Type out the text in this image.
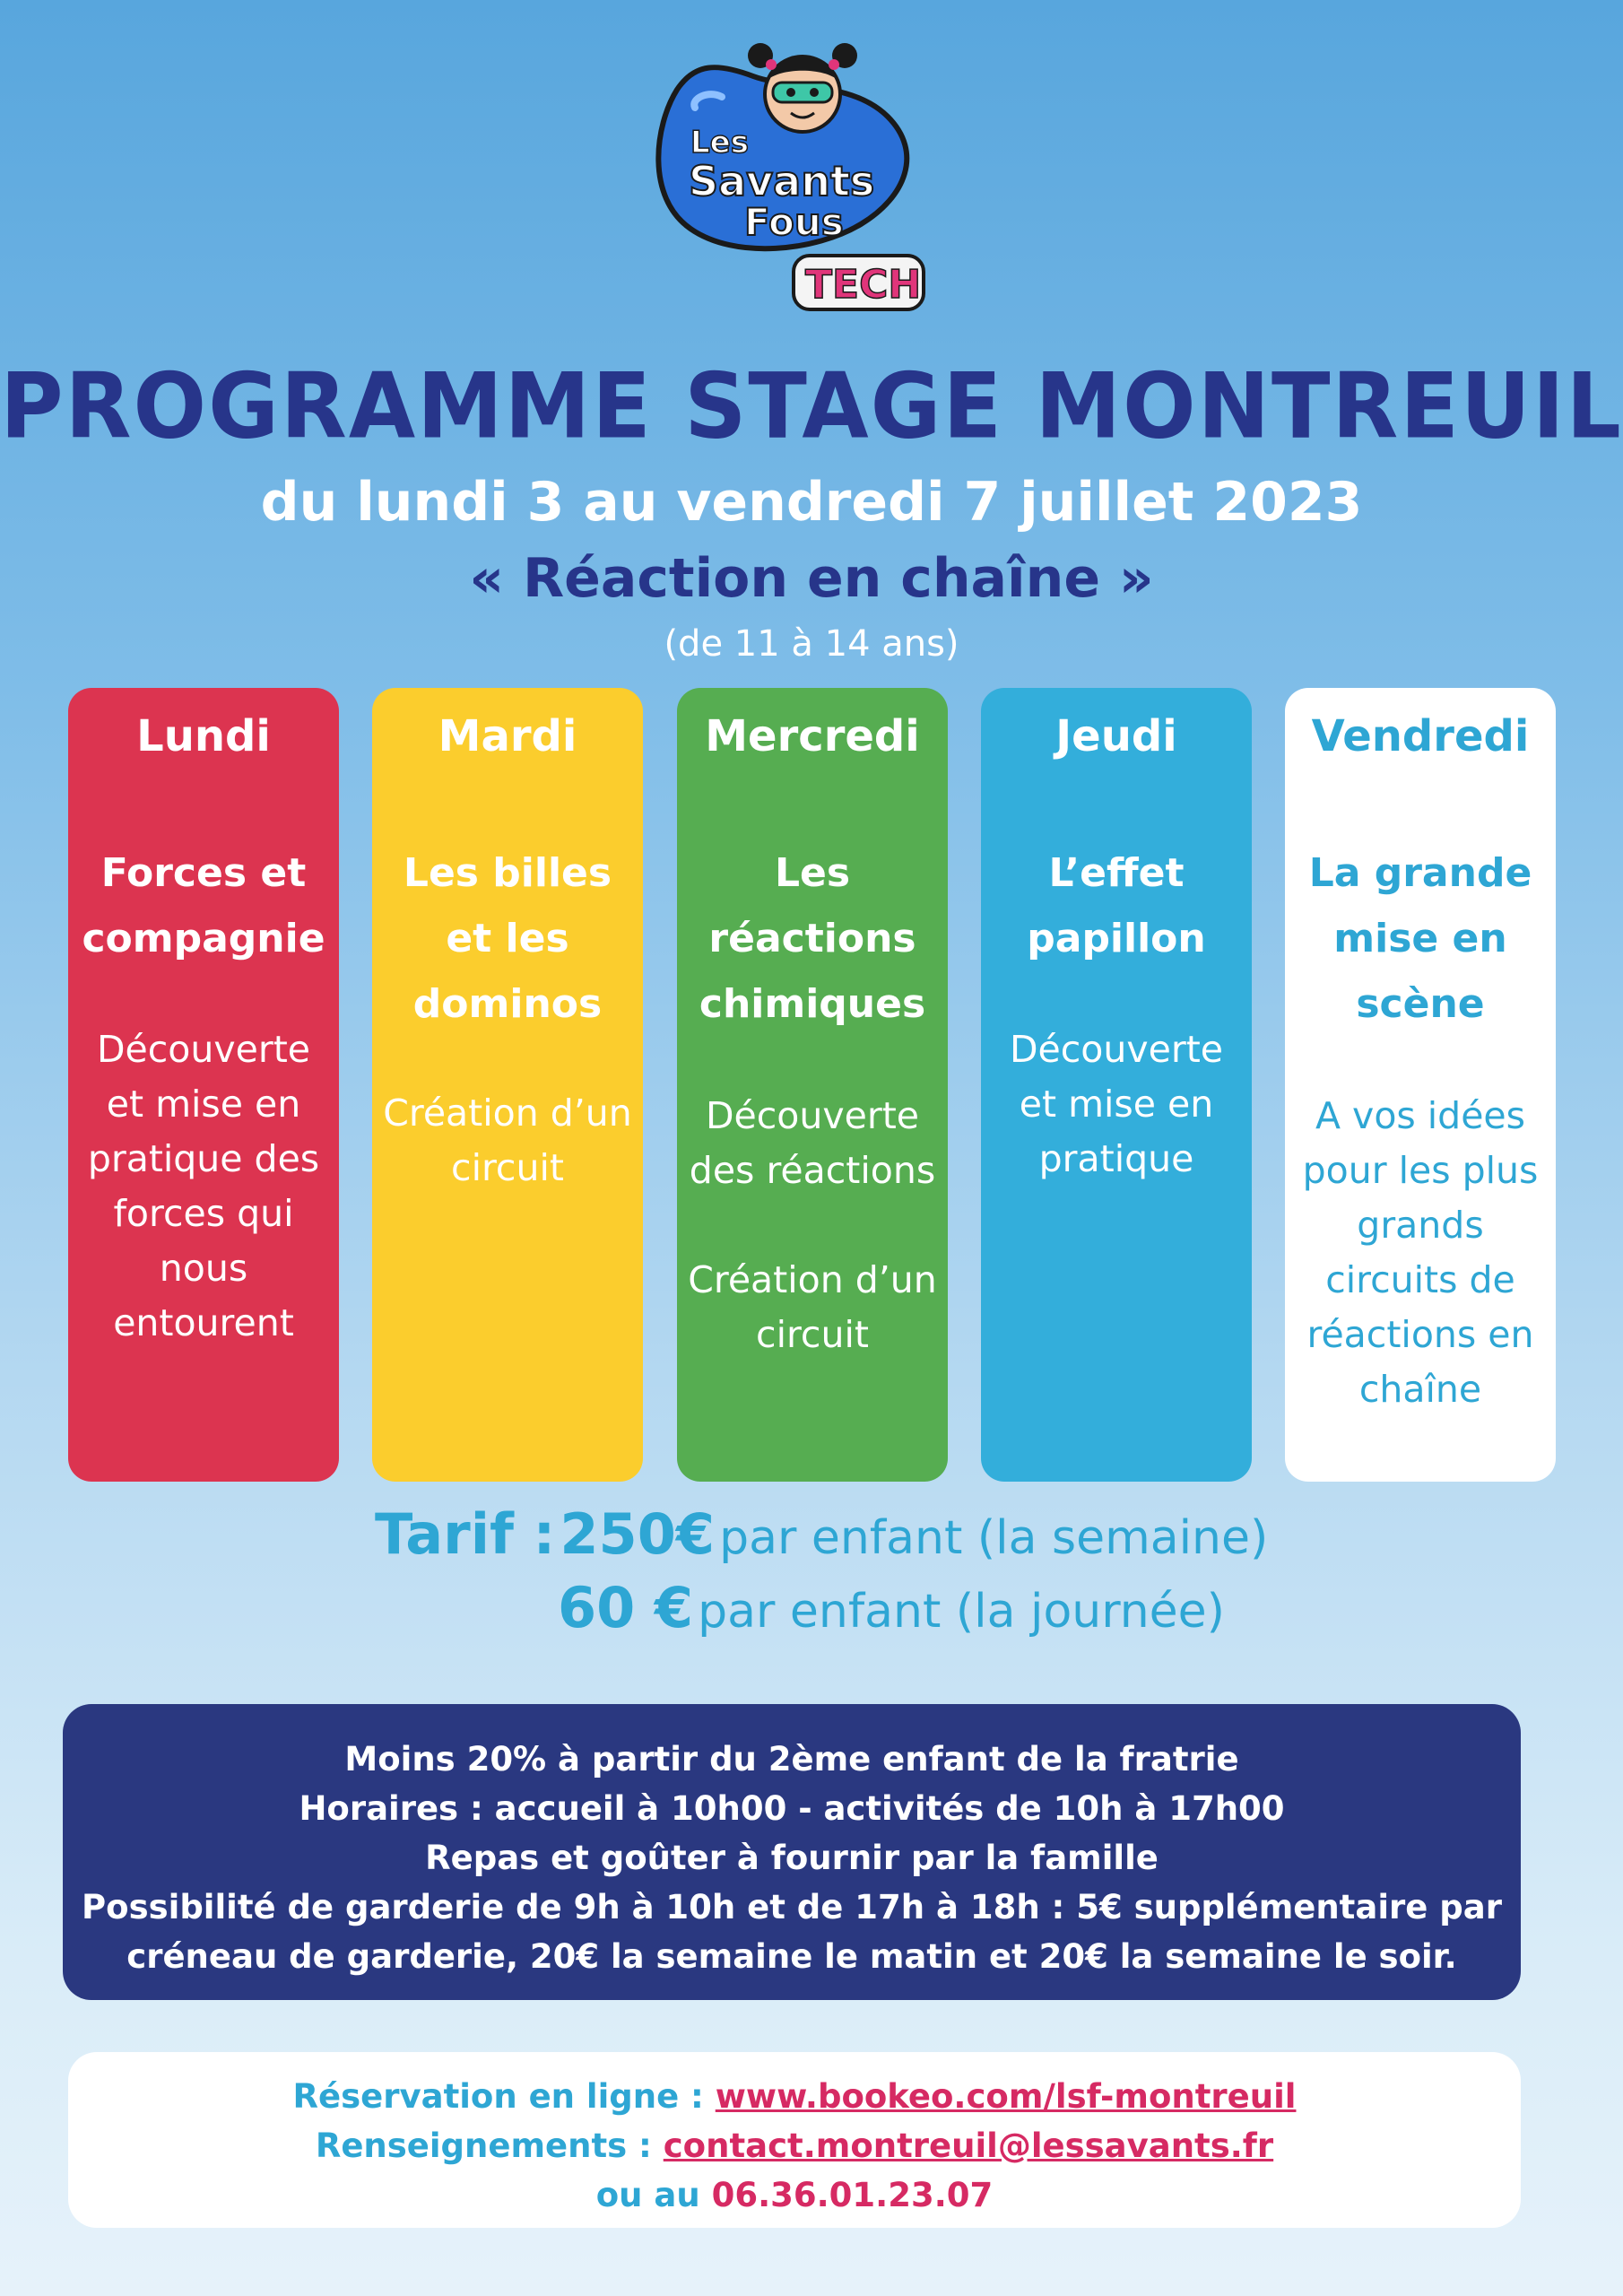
Les
Savants
Fous
TECH
PROGRAMME STAGE MONTREUIL
du lundi 3 au vendredi 7 juillet 2023
« Réaction en chaîne »
(de 11 à 14 ans)
Lundi
Forces et compagnie
Découverte et mise en pratique des forces qui nous entourent
Mardi
Les billes et les dominos
Création d’un circuit
Mercredi
Les réactions chimiques
Découverte des réactions
Création d’un circuit
Jeudi
L’effet papillon
Découverte et mise en pratique
Vendredi
La grande mise en scène
A vos idées pour les plus grands circuits de réactions en chaîne
Tarif : 250€ par enfant (la semaine)
60 € par enfant (la journée)
Moins 20% à partir du 2ème enfant de la fratrie
Horaires : accueil à 10h00 - activités de 10h à 17h00
Repas et goûter à fournir par la famille
Possibilité de garderie de 9h à 10h et de 17h à 18h : 5€ supplémentaire par
créneau de garderie, 20€ la semaine le matin et 20€ la semaine le soir.
Réservation en ligne : www.bookeo.com/lsf-montreuil
Renseignements : contact.montreuil@lessavants.fr
ou au 06.36.01.23.07
